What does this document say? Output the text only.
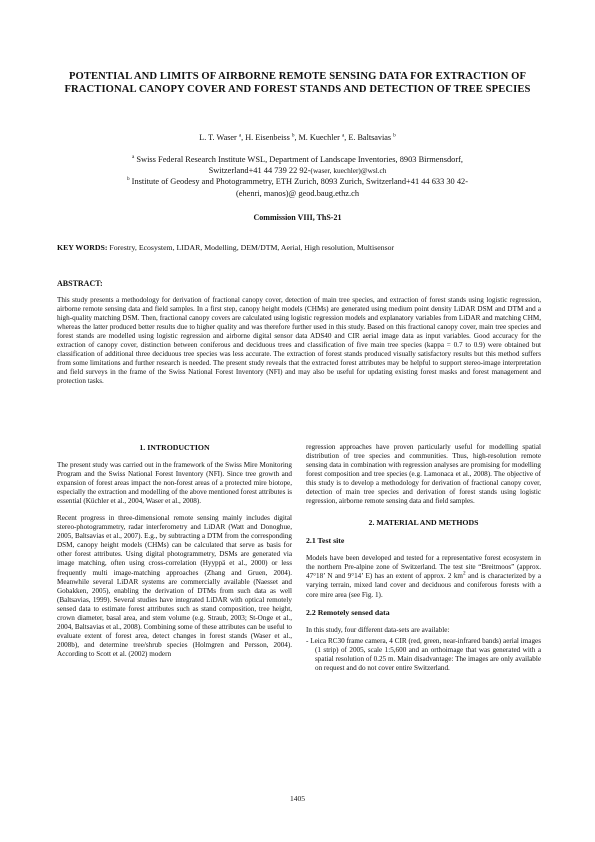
POTENTIAL AND LIMITS OF AIRBORNE REMOTE SENSING DATA FOR EXTRACTION OF FRACTIONAL CANOPY COVER AND FOREST STANDS AND DETECTION OF TREE SPECIES
L. T. Waser $^a$, H. Eisenbeiss $^b$, M. Kuechler $^a$, E. Baltsavias $^b$
$^a$ Swiss Federal Research Institute WSL, Department of Landscape Inventories, 8903 Birmensdorf,
Switzerland+41 44 739 22 92-(waser, kuechler)@wsl.ch
$^b$ Institute of Geodesy and Photogrammetry, ETH Zurich, 8093 Zurich, Switzerland+41 44 633 30 42-
(ehenri, manos)@ geod.baug.ethz.ch
Commission VIII, ThS-21
KEY WORDS: Forestry, Ecosystem, LIDAR, Modelling, DEM/DTM, Aerial, High resolution, Multisensor
ABSTRACT:

This study presents a methodology for derivation of fractional canopy cover, detection of main tree species, and extraction of forest stands using logistic regression, airborne remote sensing data and field samples. In a first step, canopy height models (CHMs) are generated using medium point density LiDAR DSM and DTM and a high-quality matching DSM. Then, fractional canopy covers are calculated using logistic regression models and explanatory variables from LiDAR and matching CHM, whereas the latter produced better results due to higher quality and was therefore further used in this study. Based on this fractional canopy cover, main tree species and forest stands are modelled using logistic regression and airborne digital sensor data ADS40 and CIR aerial image data as input variables. Good accuracy for the extraction of canopy cover, distinction between coniferous and deciduous trees and classification of five main tree species (kappa = 0.7 to 0.9) were obtained but classification of additional three deciduous tree species was less accurate. The extraction of forest stands produced visually satisfactory results but this method suffers from some limitations and further research is needed. The present study reveals that the extracted forest attributes may be helpful to support stereo-image interpretation and field surveys in the frame of the Swiss National Forest Inventory (NFI) and may also be useful for updating existing forest masks and forest management and protection tasks.

1. INTRODUCTION

The present study was carried out in the framework of the Swiss Mire Monitoring Program and the Swiss National Forest Inventory (NFI). Since tree growth and expansion of forest areas impact the non-forest areas of a protected mire biotope, especially the extraction and modelling of the above mentioned forest attributes is essential (Küchler et al., 2004, Waser et al., 2008).

Recent progress in three-dimensional remote sensing mainly includes digital stereo-photogrammetry, radar interferometry and LiDAR (Watt and Donoghue, 2005, Baltsavias et al., 2007). E.g., by subtracting a DTM from the corresponding DSM, canopy height models (CHMs) can be calculated that serve as basis for other forest attributes. Using digital photogrammetry, DSMs are generated via image matching, often using cross-correlation (Hyyppä et al., 2000) or less frequently multi image-matching approaches (Zhang and Gruen, 2004). Meanwhile several LiDAR systems are commercially available (Naesset and Gobakken, 2005), enabling the derivation of DTMs from such data as well (Baltsavias, 1999). Several studies have integrated LiDAR with optical remotely sensed data to estimate forest attributes such as stand composition, tree height, crown diameter, basal area, and stem volume (e.g. Straub, 2003; St-Onge et al., 2004, Baltsavias et al., 2008). Combining some of these attributes can be useful to evaluate extent of forest area, detect changes in forest stands (Waser et al., 2008b), and determine tree/shrub species (Holmgren and Persson, 2004). According to Scott et al. (2002) modern

regression approaches have proven particularly useful for modelling spatial distribution of tree species and communities. Thus, high-resolution remote sensing data in combination with regression analyses are promising for modelling forest composition and tree species (e.g. Lamonaca et al., 2008). The objective of this study is to develop a methodology for derivation of fractional canopy cover, detection of main tree species and derivation of forest stands using logistic regression, airborne remote sensing data and field samples.

2. MATERIAL AND METHODS
2.1 Test site

Models have been developed and tested for a representative forest ecosystem in the northern Pre-alpine zone of Switzerland. The test site “Breitmoos” (approx. 47°18’ N and 9°14’ E) has an extent of approx. 2 $km^2$ and is characterized by a varying terrain, mixed land cover and deciduous and coniferous forests with a core mire area (see Fig. 1).

2.2 Remotely sensed data

In this study, four different data-sets are available:

- Leica RC30 frame camera, 4 CIR (red, green, near-infrared bands) aerial images (1 strip) of 2005, scale 1:5,600 and an orthoimage that was generated with a spatial resolution of 0.25 m. Main disadvantage: The images are only available on request and do not cover entire Switzerland.

1405
